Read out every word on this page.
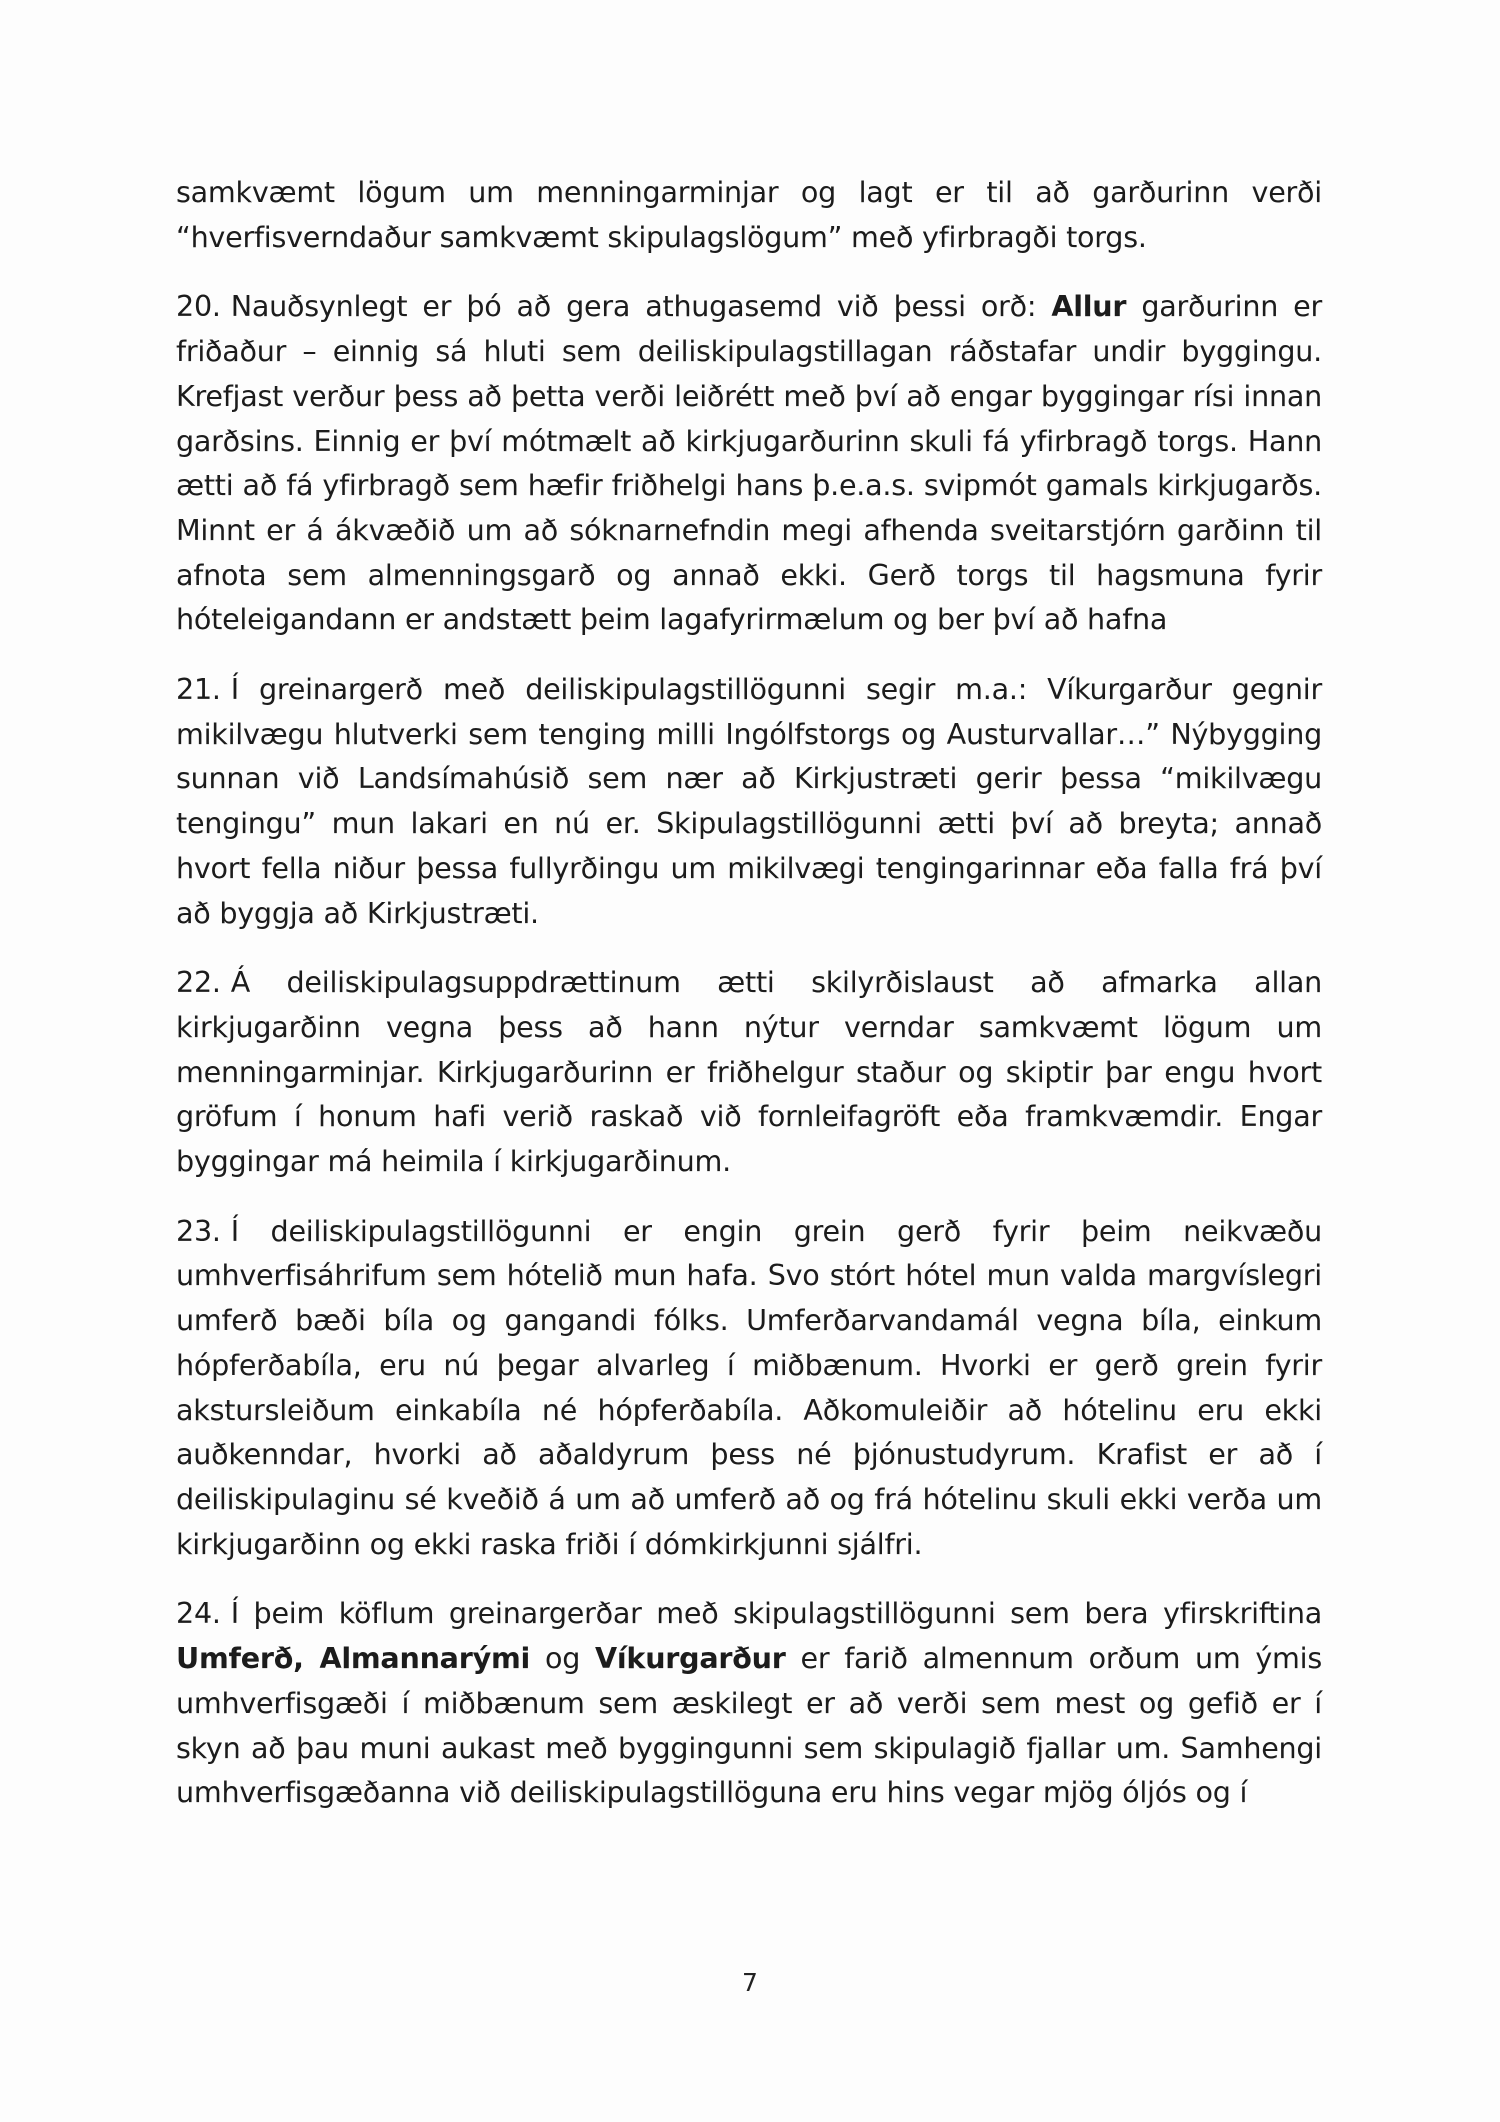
samkvæmt lögum um menningarminjar og lagt er til að garðurinn verði “hverfisverndaður samkvæmt skipulagslögum” með yfirbragði torgs.

20. Nauðsynlegt er þó að gera athugasemd við þessi orð: Allur garðurinn er friðaður – einnig sá hluti sem deiliskipulagstillagan ráðstafar undir byggingu. Krefjast verður þess að þetta verði leiðrétt með því að engar byggingar rísi innan garðsins. Einnig er því mótmælt að kirkjugarðurinn skuli fá yfirbragð torgs. Hann ætti að fá yfirbragð sem hæfir friðhelgi hans þ.e.a.s. svipmót gamals kirkjugarðs. Minnt er á ákvæðið um að sóknarnefndin megi afhenda sveitarstjórn garðinn til afnota sem almenningsgarð og annað ekki. Gerð torgs til hagsmuna fyrir hóteleigandann er andstætt þeim lagafyrirmælum og ber því að hafna

21. Í greinargerð með deiliskipulagstillögunni segir m.a.: Víkurgarður gegnir mikilvægu hlutverki sem tenging milli Ingólfstorgs og Austurvallar…” Nýbygging sunnan við Landsímahúsið sem nær að Kirkjustræti gerir þessa “mikilvægu tengingu” mun lakari en nú er. Skipulagstillögunni ætti því að breyta; annað hvort fella niður þessa fullyrðingu um mikilvægi tengingarinnar eða falla frá því að byggja að Kirkjustræti.

22. Á deiliskipulagsuppdrættinum ætti skilyrðislaust að afmarka allan kirkjugarðinn vegna þess að hann nýtur verndar samkvæmt lögum um menningarminjar. Kirkjugarðurinn er friðhelgur staður og skiptir þar engu hvort gröfum í honum hafi verið raskað við fornleifagröft eða framkvæmdir. Engar byggingar má heimila í kirkjugarðinum.

23. Í deiliskipulagstillögunni er engin grein gerð fyrir þeim neikvæðu umhverfisáhrifum sem hótelið mun hafa. Svo stórt hótel mun valda margvíslegri umferð bæði bíla og gangandi fólks. Umferðarvandamál vegna bíla, einkum hópferðabíla, eru nú þegar alvarleg í miðbænum. Hvorki er gerð grein fyrir akstursleiðum einkabíla né hópferðabíla. Aðkomuleiðir að hótelinu eru ekki auðkenndar, hvorki að aðaldyrum þess né þjónustudyrum. Krafist er að í deiliskipulaginu sé kveðið á um að umferð að og frá hótelinu skuli ekki verða um kirkjugarðinn og ekki raska friði í dómkirkjunni sjálfri.

24. Í þeim köflum greinargerðar með skipulagstillögunni sem bera yfirskriftina Umferð, Almannarými og Víkurgarður er farið almennum orðum um ýmis umhverfisgæði í miðbænum sem æskilegt er að verði sem mest og gefið er í skyn að þau muni aukast með byggingunni sem skipulagið fjallar um. Samhengi umhverfisgæðanna við deiliskipulagstillöguna eru hins vegar mjög óljós og í

7
